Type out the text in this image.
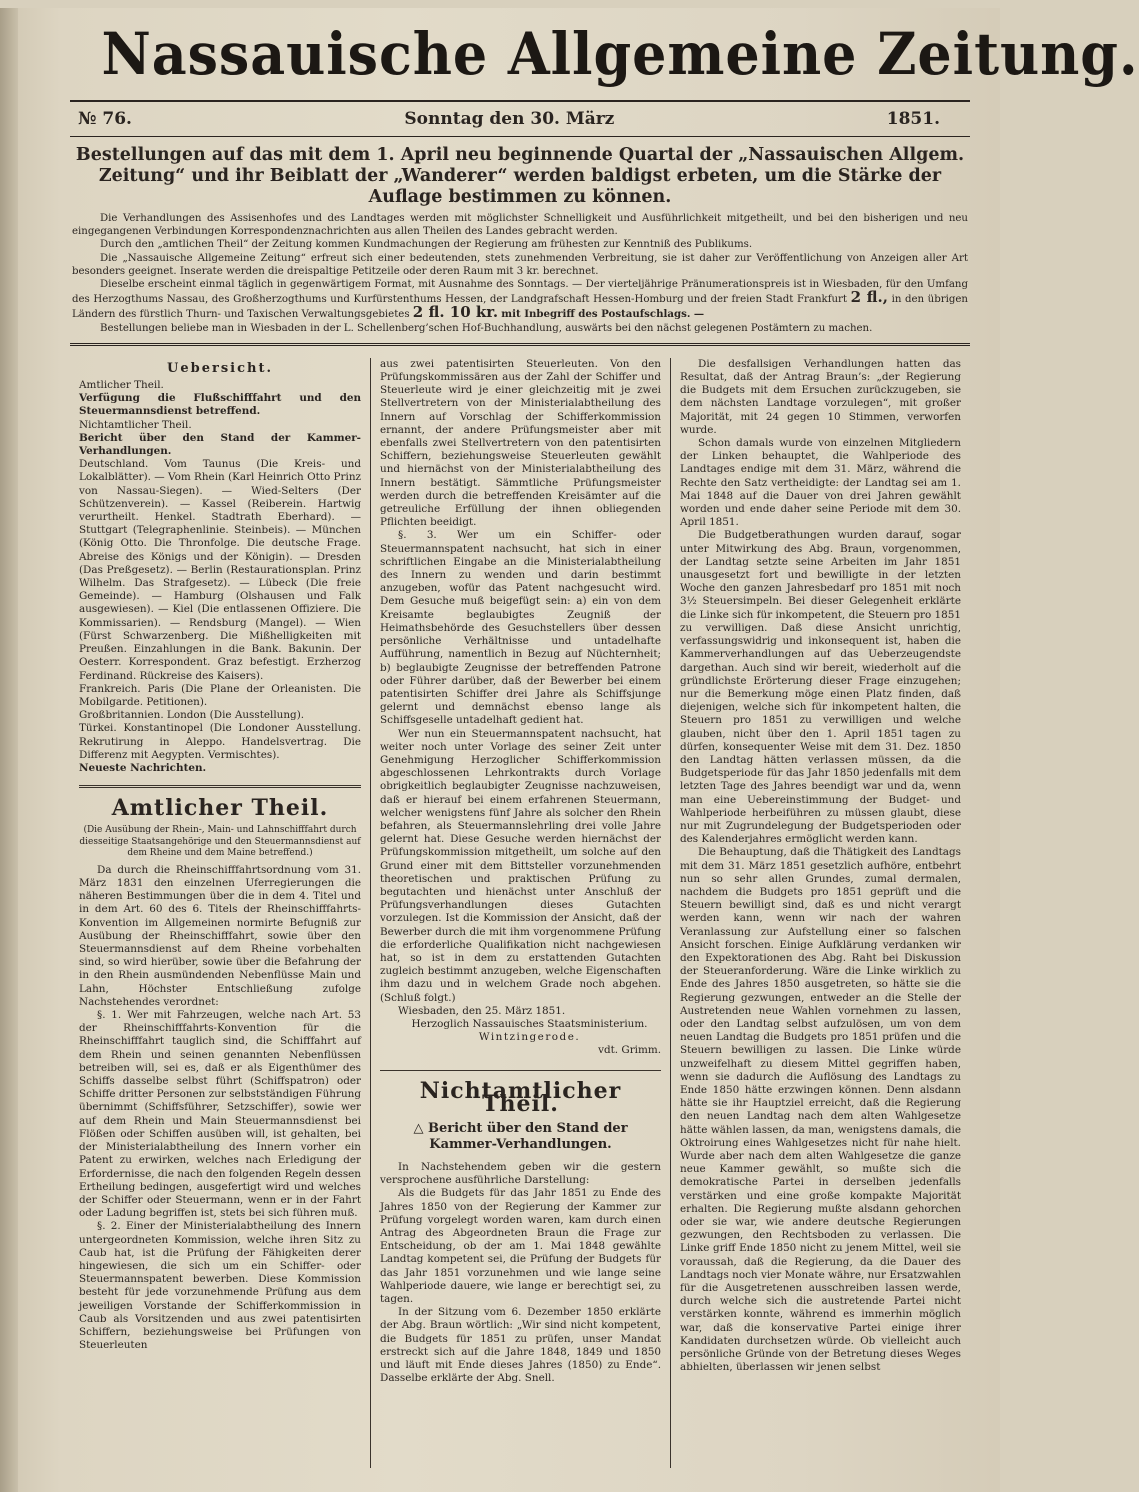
Nassauische Allgemeine Zeitung.
№ 76.	Sonntag den 30. März	1851.
Bestellungen auf das mit dem 1. April neu beginnende Quartal der „Nassauischen Allgem. Zeitung“ und ihr Beiblatt der „Wanderer“ werden baldigst erbeten, um die Stärke der Auflage bestimmen zu können.

Die Verhandlungen des Assisenhofes und des Landtages werden mit möglichster Schnelligkeit und Ausführlichkeit mitgetheilt, und bei den bisherigen und neu eingegangenen Verbindungen Korrespondenznachrichten aus allen Theilen des Landes gebracht werden.

Durch den „amtlichen Theil“ der Zeitung kommen Kundmachungen der Regierung am frühesten zur Kenntniß des Publikums.

Die „Nassauische Allgemeine Zeitung“ erfreut sich einer bedeutenden, stets zunehmenden Verbreitung, sie ist daher zur Veröffentlichung von Anzeigen aller Art besonders geeignet. Inserate werden die dreispaltige Petitzeile oder deren Raum mit 3 kr. berechnet.

Dieselbe erscheint einmal täglich in gegenwärtigem Format, mit Ausnahme des Sonntags. — Der vierteljährige Pränumerationspreis ist in Wiesbaden, für den Umfang des Herzogthums Nassau, des Großherzogthums und Kurfürstenthums Hessen, der Landgrafschaft Hessen-Homburg und der freien Stadt Frankfurt 2 fl., in den übrigen Ländern des fürstlich Thurn- und Taxischen Verwaltungsgebietes 2 fl. 10 kr. mit Inbegriff des Postaufschlags. —

Bestellungen beliebe man in Wiesbaden in der L. Schellenberg’schen Hof-Buchhandlung, auswärts bei den nächst gelegenen Postämtern zu machen.

Uebersicht.

Amtlicher Theil.

Verfügung die Flußschifffahrt und den Steuermannsdienst betreffend.

Nichtamtlicher Theil.

Bericht über den Stand der Kammer-Verhandlungen.

Deutschland. Vom Taunus (Die Kreis- und Lokalblätter). — Vom Rhein (Karl Heinrich Otto Prinz von Nassau-Siegen). — Wied-Selters (Der Schützenverein). — Kassel (Reiberein. Hartwig verurtheilt. Henkel. Stadtrath Eberhard). — Stuttgart (Telegraphenlinie. Steinbeis). — München (König Otto. Die Thronfolge. Die deutsche Frage. Abreise des Königs und der Königin). — Dresden (Das Preßgesetz). — Berlin (Restaurationsplan. Prinz Wilhelm. Das Strafgesetz). — Lübeck (Die freie Gemeinde). — Hamburg (Olshausen und Falk ausgewiesen). — Kiel (Die entlassenen Offiziere. Die Kommissarien). — Rendsburg (Mangel). — Wien (Fürst Schwarzenberg. Die Mißhelligkeiten mit Preußen. Einzahlungen in die Bank. Bakunin. Der Oesterr. Korrespondent. Graz befestigt. Erzherzog Ferdinand. Rückreise des Kaisers).

Frankreich. Paris (Die Plane der Orleanisten. Die Mobilgarde. Petitionen).

Großbritannien. London (Die Ausstellung).

Türkei. Konstantinopel (Die Londoner Ausstellung. Rekrutirung in Aleppo. Handelsvertrag. Die Differenz mit Aegypten. Vermischtes).

Neueste Nachrichten.

Amtlicher Theil.
(Die Ausübung der Rhein-, Main- und Lahnschifffahrt durch diesseitige Staatsangehörige und den Steuermannsdienst auf dem Rheine und dem Maine betreffend.)

Da durch die Rheinschifffahrtsordnung vom 31. März 1831 den einzelnen Uferregierungen die näheren Bestimmungen über die in dem 4. Titel und in dem Art. 60 des 6. Titels der Rheinschifffahrts-Konvention im Allgemeinen normirte Befugniß zur Ausübung der Rheinschifffahrt, sowie über den Steuermannsdienst auf dem Rheine vorbehalten sind, so wird hierüber, sowie über die Befahrung der in den Rhein ausmündenden Nebenflüsse Main und Lahn, Höchster Entschließung zufolge Nachstehendes verordnet:

§. 1. Wer mit Fahrzeugen, welche nach Art. 53 der Rheinschifffahrts-Konvention für die Rheinschifffahrt tauglich sind, die Schifffahrt auf dem Rhein und seinen genannten Nebenflüssen betreiben will, sei es, daß er als Eigenthümer des Schiffs dasselbe selbst führt (Schiffspatron) oder Schiffe dritter Personen zur selbstständigen Führung übernimmt (Schiffsführer, Setzschiffer), sowie wer auf dem Rhein und Main Steuermannsdienst bei Flößen oder Schiffen ausüben will, ist gehalten, bei der Ministerialabtheilung des Innern vorher ein Patent zu erwirken, welches nach Erledigung der Erfordernisse, die nach den folgenden Regeln dessen Ertheilung bedingen, ausgefertigt wird und welches der Schiffer oder Steuermann, wenn er in der Fahrt oder Ladung begriffen ist, stets bei sich führen muß.

§. 2. Einer der Ministerialabtheilung des Innern untergeordneten Kommission, welche ihren Sitz zu Caub hat, ist die Prüfung der Fähigkeiten derer hingewiesen, die sich um ein Schiffer- oder Steuermannspatent bewerben. Diese Kommission besteht für jede vorzunehmende Prüfung aus dem jeweiligen Vorstande der Schifferkommission in Caub als Vorsitzenden und aus zwei patentisirten Schiffern, beziehungsweise bei Prüfungen von Steuerleuten

aus zwei patentisirten Steuerleuten. Von den Prüfungskommissären aus der Zahl der Schiffer und Steuerleute wird je einer gleichzeitig mit je zwei Stellvertretern von der Ministerialabtheilung des Innern auf Vorschlag der Schifferkommission ernannt, der andere Prüfungsmeister aber mit ebenfalls zwei Stellvertretern von den patentisirten Schiffern, beziehungsweise Steuerleuten gewählt und hiernächst von der Ministerialabtheilung des Innern bestätigt. Sämmtliche Prüfungsmeister werden durch die betreffenden Kreisämter auf die getreuliche Erfüllung der ihnen obliegenden Pflichten beeidigt.

§. 3. Wer um ein Schiffer- oder Steuermannspatent nachsucht, hat sich in einer schriftlichen Eingabe an die Ministerialabtheilung des Innern zu wenden und darin bestimmt anzugeben, wofür das Patent nachgesucht wird. Dem Gesuche muß beigefügt sein: a) ein von dem Kreisamte beglaubigtes Zeugniß der Heimathsbehörde des Gesuchstellers über dessen persönliche Verhältnisse und untadelhafte Aufführung, namentlich in Bezug auf Nüchternheit; b) beglaubigte Zeugnisse der betreffenden Patrone oder Führer darüber, daß der Bewerber bei einem patentisirten Schiffer drei Jahre als Schiffsjunge gelernt und demnächst ebenso lange als Schiffsgeselle untadelhaft gedient hat.

Wer nun ein Steuermannspatent nachsucht, hat weiter noch unter Vorlage des seiner Zeit unter Genehmigung Herzoglicher Schifferkommission abgeschlossenen Lehrkontrakts durch Vorlage obrigkeitlich beglaubigter Zeugnisse nachzuweisen, daß er hierauf bei einem erfahrenen Steuermann, welcher wenigstens fünf Jahre als solcher den Rhein befahren, als Steuermannslehrling drei volle Jahre gelernt hat. Diese Gesuche werden hiernächst der Prüfungskommission mitgetheilt, um solche auf den Grund einer mit dem Bittsteller vorzunehmenden theoretischen und praktischen Prüfung zu begutachten und hienächst unter Anschluß der Prüfungsverhandlungen dieses Gutachten vorzulegen. Ist die Kommission der Ansicht, daß der Bewerber durch die mit ihm vorgenommene Prüfung die erforderliche Qualifikation nicht nachgewiesen hat, so ist in dem zu erstattenden Gutachten zugleich bestimmt anzugeben, welche Eigenschaften ihm dazu und in welchem Grade noch abgehen. (Schluß folgt.)

Wiesbaden, den 25. März 1851.

Herzoglich Nassauisches Staatsministerium.

Wintzingerode.

vdt. Grimm.

Nichtamtlicher Theil.
△ Bericht über den Stand der Kammer-Verhandlungen.

In Nachstehendem geben wir die gestern versprochene ausführliche Darstellung:

Als die Budgets für das Jahr 1851 zu Ende des Jahres 1850 von der Regierung der Kammer zur Prüfung vorgelegt worden waren, kam durch einen Antrag des Abgeordneten Braun die Frage zur Entscheidung, ob der am 1. Mai 1848 gewählte Landtag kompetent sei, die Prüfung der Budgets für das Jahr 1851 vorzunehmen und wie lange seine Wahlperiode dauere, wie lange er berechtigt sei, zu tagen.

In der Sitzung vom 6. Dezember 1850 erklärte der Abg. Braun wörtlich: „Wir sind nicht kompetent, die Budgets für 1851 zu prüfen, unser Mandat erstreckt sich auf die Jahre 1848, 1849 und 1850 und läuft mit Ende dieses Jahres (1850) zu Ende“. Dasselbe erklärte der Abg. Snell.

Die desfallsigen Verhandlungen hatten das Resultat, daß der Antrag Braun’s: „der Regierung die Budgets mit dem Ersuchen zurückzugeben, sie dem nächsten Landtage vorzulegen“, mit großer Majorität, mit 24 gegen 10 Stimmen, verworfen wurde.

Schon damals wurde von einzelnen Mitgliedern der Linken behauptet, die Wahlperiode des Landtages endige mit dem 31. März, während die Rechte den Satz vertheidigte: der Landtag sei am 1. Mai 1848 auf die Dauer von drei Jahren gewählt worden und ende daher seine Periode mit dem 30. April 1851.

Die Budgetberathungen wurden darauf, sogar unter Mitwirkung des Abg. Braun, vorgenommen, der Landtag setzte seine Arbeiten im Jahr 1851 unausgesetzt fort und bewilligte in der letzten Woche den ganzen Jahresbedarf pro 1851 mit noch 3½ Steuersimpeln. Bei dieser Gelegenheit erklärte die Linke sich für inkompetent, die Steuern pro 1851 zu verwilligen. Daß diese Ansicht unrichtig, verfassungswidrig und inkonsequent ist, haben die Kammerverhandlungen auf das Ueberzeugendste dargethan. Auch sind wir bereit, wiederholt auf die gründlichste Erörterung dieser Frage einzugehen; nur die Bemerkung möge einen Platz finden, daß diejenigen, welche sich für inkompetent halten, die Steuern pro 1851 zu verwilligen und welche glauben, nicht über den 1. April 1851 tagen zu dürfen, konsequenter Weise mit dem 31. Dez. 1850 den Landtag hätten verlassen müssen, da die Budgetsperiode für das Jahr 1850 jedenfalls mit dem letzten Tage des Jahres beendigt war und da, wenn man eine Uebereinstimmung der Budget- und Wahlperiode herbeiführen zu müssen glaubt, diese nur mit Zugrundelegung der Budgetsperioden oder des Kalenderjahres ermöglicht werden kann.

Die Behauptung, daß die Thätigkeit des Landtags mit dem 31. März 1851 gesetzlich aufhöre, entbehrt nun so sehr allen Grundes, zumal dermalen, nachdem die Budgets pro 1851 geprüft und die Steuern bewilligt sind, daß es und nicht verargt werden kann, wenn wir nach der wahren Veranlassung zur Aufstellung einer so falschen Ansicht forschen. Einige Aufklärung verdanken wir den Expektorationen des Abg. Raht bei Diskussion der Steueranforderung. Wäre die Linke wirklich zu Ende des Jahres 1850 ausgetreten, so hätte sie die Regierung gezwungen, entweder an die Stelle der Austretenden neue Wahlen vornehmen zu lassen, oder den Landtag selbst aufzulösen, um von dem neuen Landtag die Budgets pro 1851 prüfen und die Steuern bewilligen zu lassen. Die Linke würde unzweifelhaft zu diesem Mittel gegriffen haben, wenn sie dadurch die Auflösung des Landtags zu Ende 1850 hätte erzwingen können. Denn alsdann hätte sie ihr Hauptziel erreicht, daß die Regierung den neuen Landtag nach dem alten Wahlgesetze hätte wählen lassen, da man, wenigstens damals, die Oktroirung eines Wahlgesetzes nicht für nahe hielt. Wurde aber nach dem alten Wahlgesetze die ganze neue Kammer gewählt, so mußte sich die demokratische Partei in derselben jedenfalls verstärken und eine große kompakte Majorität erhalten. Die Regierung mußte alsdann gehorchen oder sie war, wie andere deutsche Regierungen gezwungen, den Rechtsboden zu verlassen. Die Linke griff Ende 1850 nicht zu jenem Mittel, weil sie voraussah, daß die Regierung, da die Dauer des Landtags noch vier Monate währe, nur Ersatzwahlen für die Ausgetretenen ausschreiben lassen werde, durch welche sich die austretende Partei nicht verstärken konnte, während es immerhin möglich war, daß die konservative Partei einige ihrer Kandidaten durchsetzen würde. Ob vielleicht auch persönliche Gründe von der Betretung dieses Weges abhielten, überlassen wir jenen selbst
